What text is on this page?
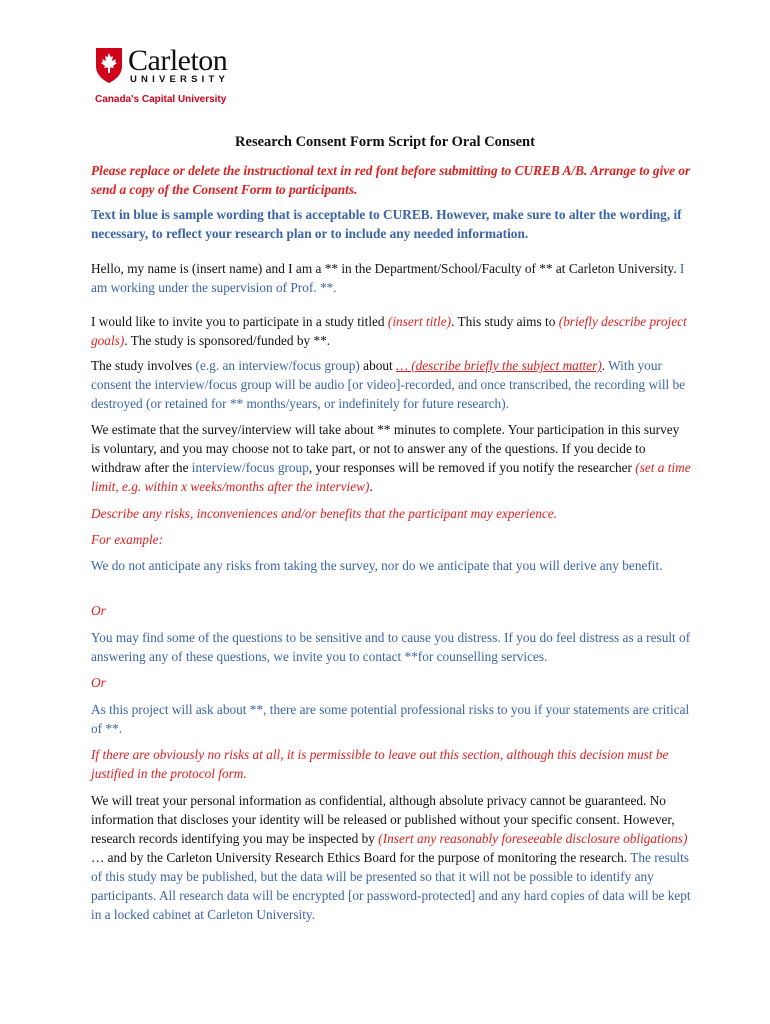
Carleton
UNIVERSITY
Canada's Capital University
Research Consent Form Script for Oral Consent

Please replace or delete the instructional text in red font before submitting to CUREB A/B. Arrange to give or send a copy of the Consent Form to participants.

Text in blue is sample wording that is acceptable to CUREB. However, make sure to alter the wording, if necessary, to reflect your research plan or to include any needed information.

Hello, my name is (insert name) and I am a ** in the Department/School/Faculty of ** at Carleton University. I am working under the supervision of Prof. **.

I would like to invite you to participate in a study titled (insert title). This study aims to (briefly describe project goals). The study is sponsored/funded by **.

The study involves (e.g. an interview/focus group) about … (describe briefly the subject matter). With your consent the interview/focus group will be audio [or video]-recorded, and once transcribed, the recording will be destroyed (or retained for ** months/years, or indefinitely for future research).

We estimate that the survey/interview will take about ** minutes to complete. Your participation in this survey is voluntary, and you may choose not to take part, or not to answer any of the questions. If you decide to withdraw after the interview/focus group, your responses will be removed if you notify the researcher (set a time limit, e.g. within x weeks/months after the interview).

Describe any risks, inconveniences and/or benefits that the participant may experience.

For example:

We do not anticipate any risks from taking the survey, nor do we anticipate that you will derive any benefit.

Or

You may find some of the questions to be sensitive and to cause you distress. If you do feel distress as a result of answering any of these questions, we invite you to contact **for counselling services.

Or

As this project will ask about **, there are some potential professional risks to you if your statements are critical of **.

If there are obviously no risks at all, it is permissible to leave out this section, although this decision must be justified in the protocol form.

We will treat your personal information as confidential, although absolute privacy cannot be guaranteed. No information that discloses your identity will be released or published without your specific consent. However, research records identifying you may be inspected by (Insert any reasonably foreseeable disclosure obligations) … and by the Carleton University Research Ethics Board for the purpose of monitoring the research. The results of this study may be published, but the data will be presented so that it will not be possible to identify any participants. All research data will be encrypted [or password-protected] and any hard copies of data will be kept in a locked cabinet at Carleton University.
